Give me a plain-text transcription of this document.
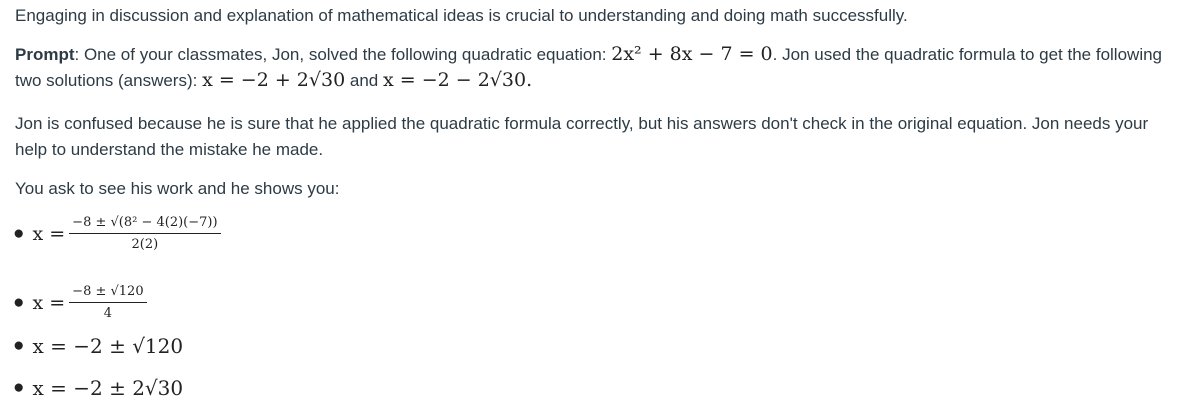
Engaging in discussion and explanation of mathematical ideas is crucial to understanding and doing math successfully.

Prompt: One of your classmates, Jon, solved the following quadratic equation: 2x² + 8x − 7 = 0. Jon used the quadratic formula to get the following

two solutions (answers): x = −2 + 2√30 and x = −2 − 2√30.

Jon is confused because he is sure that he applied the quadratic formula correctly, but his answers don't check in the original equation. Jon needs your

help to understand the mistake he made.

You ask to see his work and he shows you:

● $x = \frac{\text{−8 ± √(8² − 4(2)(−7))}}{2(2)}$
● $x = \frac{-8 \pm √120}{4}$
● x = −2 ± √120
● x = −2 ± 2√30
